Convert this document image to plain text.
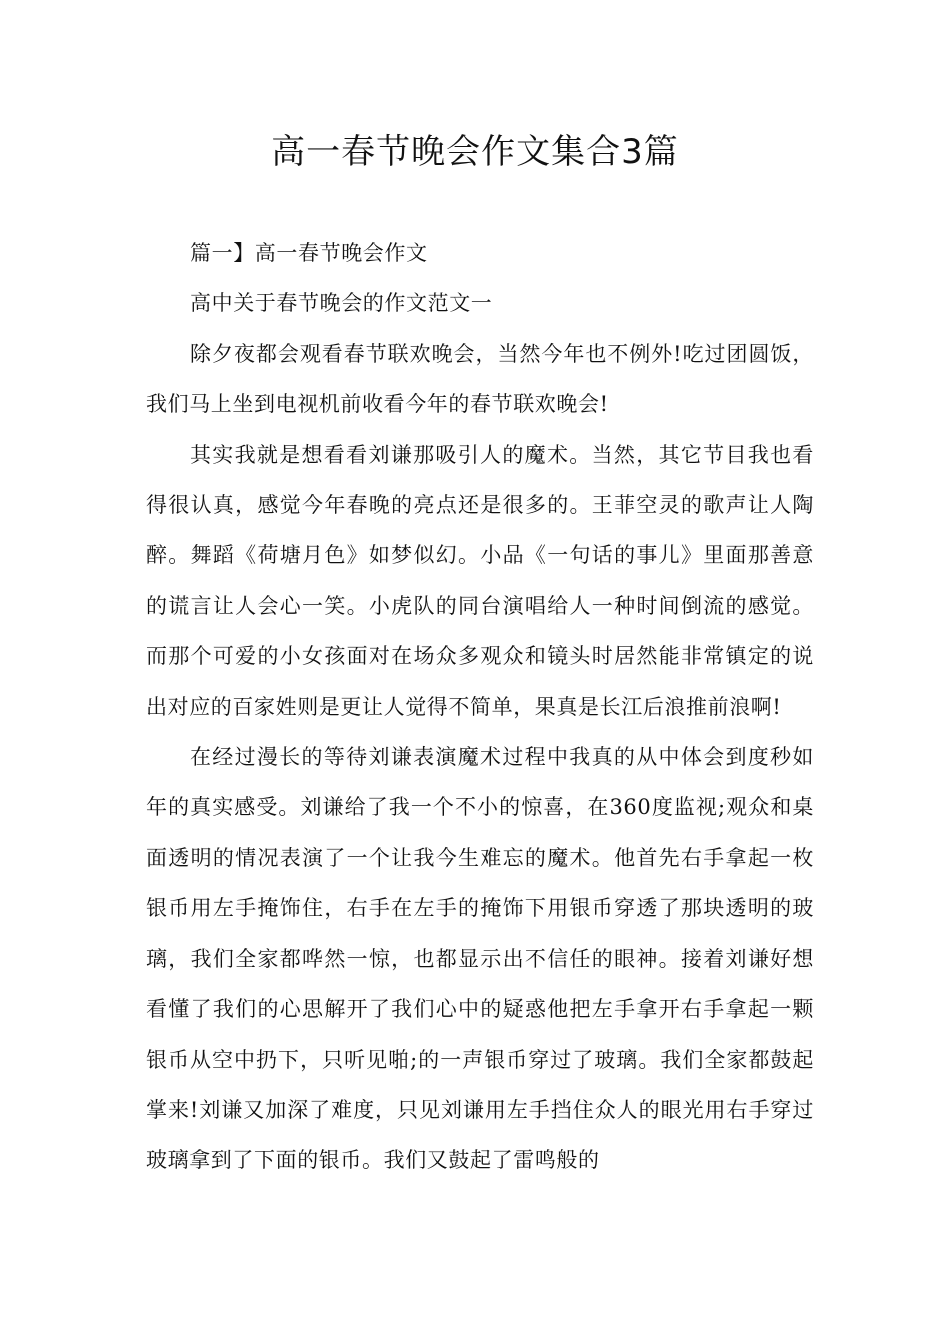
高一春节晚会作文集合3篇

篇一】高一春节晚会作文

高中关于春节晚会的作文范文一

除夕夜都会观看春节联欢晚会，当然今年也不例外!吃过团圆饭，我们马上坐到电视机前收看今年的春节联欢晚会!

其实我就是想看看刘谦那吸引人的魔术。当然，其它节目我也看得很认真，感觉今年春晚的亮点还是很多的。王菲空灵的歌声让人陶醉。舞蹈《荷塘月色》如梦似幻。小品《一句话的事儿》里面那善意的谎言让人会心一笑。小虎队的同台演唱给人一种时间倒流的感觉。而那个可爱的小女孩面对在场众多观众和镜头时居然能非常镇定的说出对应的百家姓则是更让人觉得不简单，果真是长江后浪推前浪啊!

在经过漫长的等待刘谦表演魔术过程中我真的从中体会到度秒如年的真实感受。刘谦给了我一个不小的惊喜，在360度监视;观众和桌面透明的情况表演了一个让我今生难忘的魔术。他首先右手拿起一枚银币用左手掩饰住，右手在左手的掩饰下用银币穿透了那块透明的玻璃，我们全家都哗然一惊，也都显示出不信任的眼神。接着刘谦好想看懂了我们的心思解开了我们心中的疑惑他把左手拿开右手拿起一颗银币从空中扔下，只听见啪;的一声银币穿过了玻璃。我们全家都鼓起掌来!刘谦又加深了难度，只见刘谦用左手挡住众人的眼光用右手穿过玻璃拿到了下面的银币。我们又鼓起了雷鸣般的
